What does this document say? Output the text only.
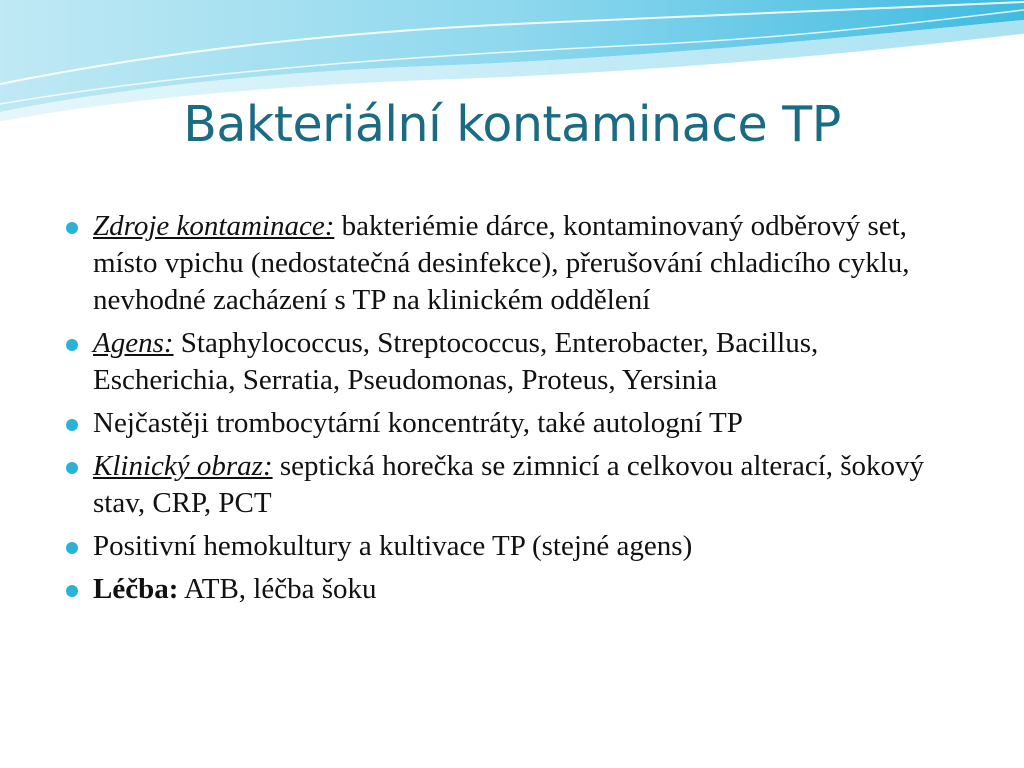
Bakteriální kontaminace TP
Zdroje kontaminace: bakteriémie dárce, kontaminovaný odběrový set, místo vpichu (nedostatečná desinfekce), přerušování chladicího cyklu, nevhodné zacházení s TP na klinickém oddělení
Agens: Staphylococcus, Streptococcus, Enterobacter, Bacillus, Escherichia, Serratia, Pseudomonas, Proteus, Yersinia
Nejčastěji trombocytární koncentráty, také autologní TP
Klinický obraz: septická horečka se zimnicí a celkovou alterací, šokový stav, CRP, PCT
Positivní hemokultury a kultivace TP (stejné agens)
Léčba: ATB, léčba šoku
